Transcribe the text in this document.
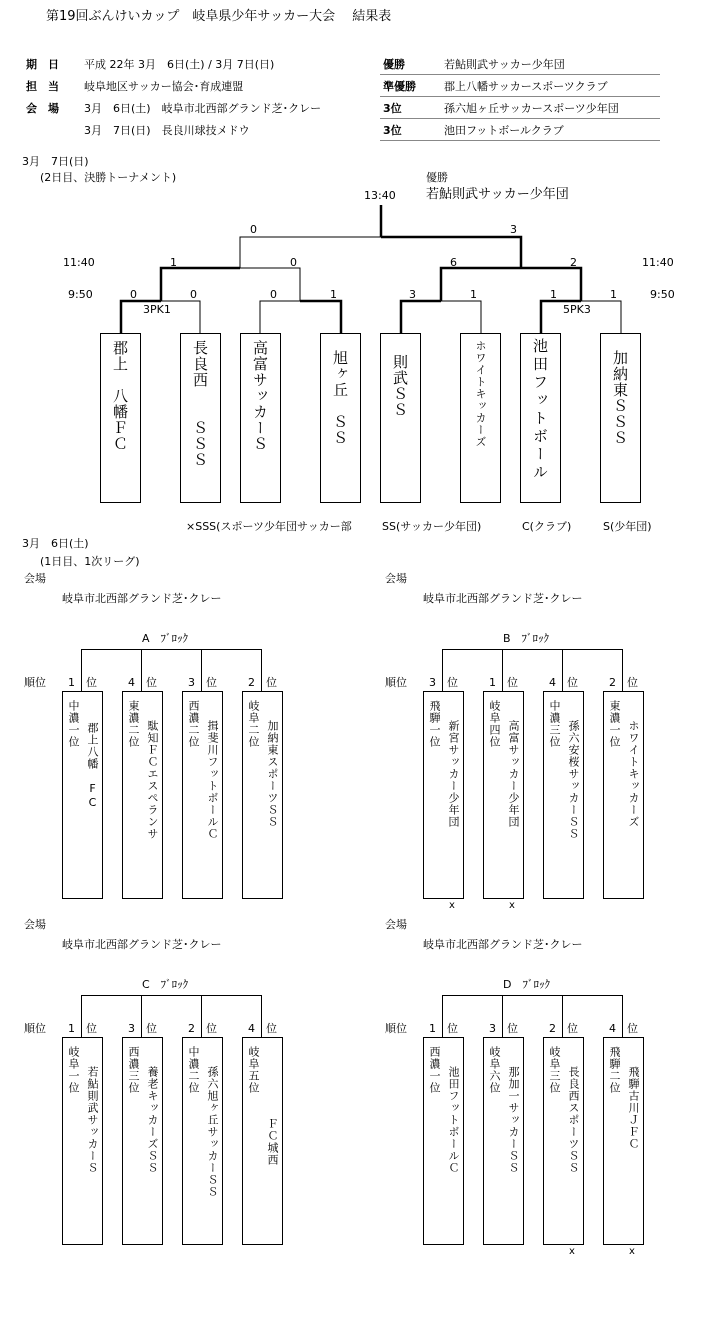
第19回ぶんけいカップ　岐阜県少年サッカー大会　 結果表
期　日 平成 22年 3月　6日(土) / 3月 7日(日)
担　当 岐阜地区サッカー協会･育成連盟
会　場 3月　6日(土)　岐阜市北西部グランド芝･クレー
3月　7日(日)　長良川球技メドウ
優勝	若鮎則武サッカー少年団
準優勝	郡上八幡サッカースポーツクラブ
3位	孫六旭ヶ丘サッカースポーツ少年団
3位	池田フットボールクラブ
3月　7日(日)
(2日目、決勝トーナメント)	優勝
13:40 若鮎則武サッカー少年団
0	3
1	0	6	2
0	0	0	1	3	1	1	1
3PK1	5PK3
11:40	11:40
9:50	9:50
郡上　八幡ＦＣ	長良西　　ＳＳＳ	高富サッカーＳ	旭ヶ丘　ＳＳ	則武ＳＳ	ホワイトキッカーズ	池田フットボール	加納東ＳＳＳ
×SSS(スポーツ少年団サッカー部	SS(サッカー少年団)	C(クラブ)	S(少年団)
3月　6日(土)
(1日目、1次リーグ)
会場
岐阜市北西部グランド芝･クレー
A　ﾌﾞﾛｯｸ
順位 1 位
中濃一位 郡上八幡　FC
4 位
東濃二位 駄知ＦＣエスペランサ
3 位
西濃二位 揖斐川フットボールＣ
2 位
岐阜二位 加納東スポーツＳＳ
会場
岐阜市北西部グランド芝･クレー
B　ﾌﾞﾛｯｸ
順位 3 位
飛騨一位 新宮サッカー少年団
x
1 位
岐阜四位 高富サッカー少年団
x
4 位
中濃三位 孫六安桜サッカーＳＳ
2 位
東濃一位 ホワイトキッカーズ
会場
岐阜市北西部グランド芝･クレー
C　ﾌﾞﾛｯｸ
順位 1 位
岐阜一位 若鮎則武サッカーＳ
3 位
西濃三位 養老キッカーズＳＳ
2 位
中濃二位 孫六旭ヶ丘サッカーＳＳ
4 位
岐阜五位
ＦＣ城西
会場
岐阜市北西部グランド芝･クレー
D　ﾌﾞﾛｯｸ
順位 1 位
西濃一位 池田フットボールＣ
3 位
岐阜六位 那加一サッカーＳＳ
2 位
岐阜三位 長良西スポーツＳＳ
x
4 位
飛騨二位 飛騨古川ＪＦＣ
x
